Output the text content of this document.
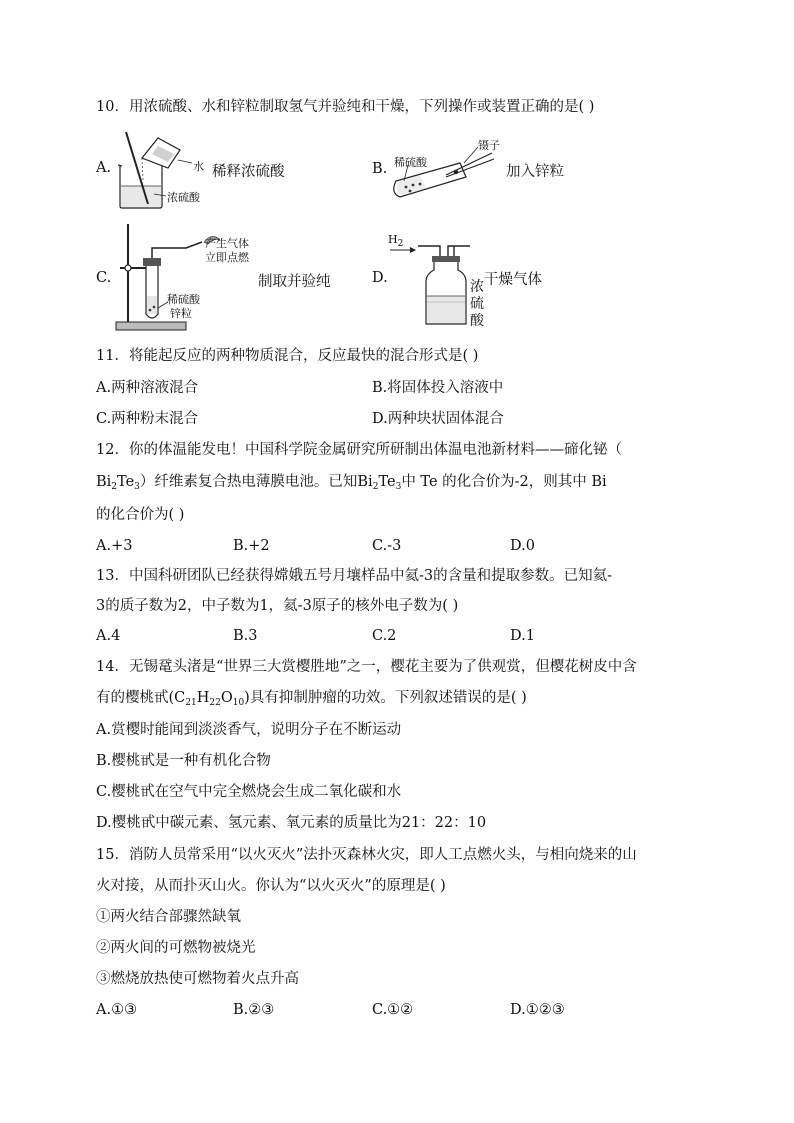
10．用浓硫酸、水和锌粒制取氢气并验纯和干燥，下列操作或装置正确的是( )
A.	水
浓硫酸
稀释浓硫酸	B. 稀硫酸
镊子
加入锌粒
C.
产生气体
立即点燃
稀硫酸
锌粒
制取并验纯	D.
$H_2$
浓
硫
酸
干燥气体
11．将能起反应的两种物质混合，反应最快的混合形式是( )
A.两种溶液混合	B.将固体投入溶液中
C.两种粉末混合	D.两种块状固体混合
12．你的体温能发电！中国科学院金属研究所研制出体温电池新材料——碲化铋（
$Bi_2Te_3$）纤维素复合热电薄膜电池。已知$Bi_2Te_3$中 Te 的化合价为-2，则其中 Bi
的化合价为( )
A.+3	B.+2	C.-3	D.0
13．中国科研团队已经获得嫦娥五号月壤样品中氦-3的含量和提取参数。已知氦-
3的质子数为2，中子数为1，氦-3原子的核外电子数为( )
A.4	B.3	C.2	D.1
14．无锡鼋头渚是“世界三大赏樱胜地”之一，樱花主要为了供观赏，但樱花树皮中含
有的樱桃甙$(C_{21}H_{22}O_{10})$具有抑制肿瘤的功效。下列叙述错误的是( )
A.赏樱时能闻到淡淡香气，说明分子在不断运动
B.樱桃甙是一种有机化合物
C.樱桃甙在空气中完全燃烧会生成二氧化碳和水
D.樱桃甙中碳元素、氢元素、氧元素的质量比为21：22：10
15．消防人员常采用“以火灭火”法扑灭森林火灾，即人工点燃火头，与相向烧来的山
火对接，从而扑灭山火。你认为“以火灭火”的原理是( )
①两火结合部骤然缺氧
②两火间的可燃物被烧光
③燃烧放热使可燃物着火点升高
A.①③	B.②③	C.①②	D.①②③
